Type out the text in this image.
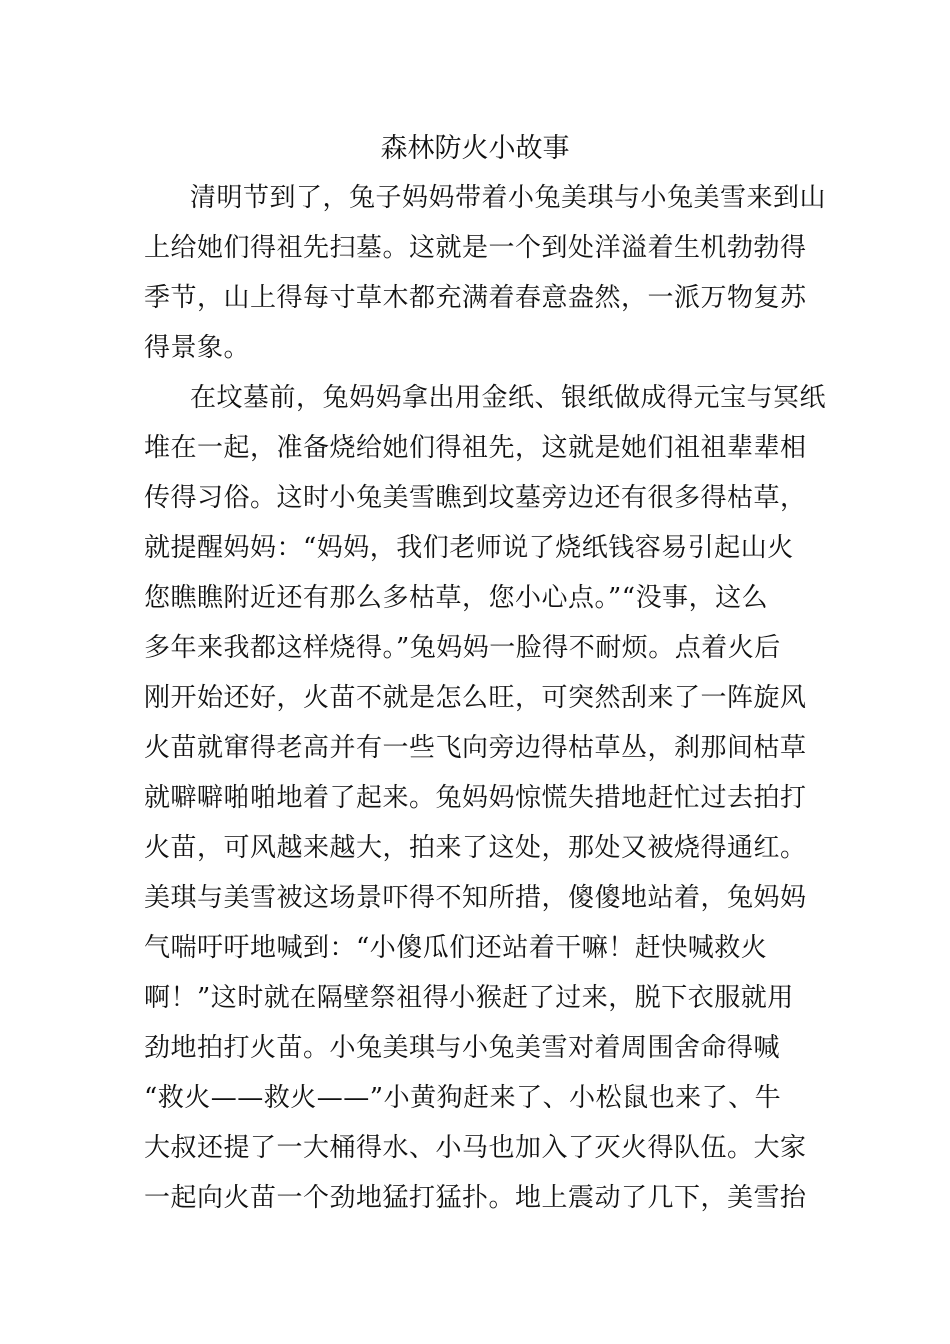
森林防火小故事

清明节到了，兔子妈妈带着小兔美琪与小兔美雪来到山

上给她们得祖先扫墓。这就是一个到处洋溢着生机勃勃得

季节，山上得每寸草木都充满着春意盎然，一派万物复苏

得景象。

在坟墓前，兔妈妈拿出用金纸、银纸做成得元宝与冥纸

堆在一起，准备烧给她们得祖先，这就是她们祖祖辈辈相

传得习俗。这时小兔美雪瞧到坟墓旁边还有很多得枯草，

就提醒妈妈：“妈妈，我们老师说了烧纸钱容易引起山火

您瞧瞧附近还有那么多枯草，您小心点。”“没事，这么

多年来我都这样烧得。”兔妈妈一脸得不耐烦。点着火后

刚开始还好，火苗不就是怎么旺，可突然刮来了一阵旋风

火苗就窜得老高并有一些飞向旁边得枯草丛，刹那间枯草

就噼噼啪啪地着了起来。兔妈妈惊慌失措地赶忙过去拍打

火苗，可风越来越大，拍来了这处，那处又被烧得通红。

美琪与美雪被这场景吓得不知所措，傻傻地站着，兔妈妈

气喘吁吁地喊到：“小傻瓜们还站着干嘛！赶快喊救火

啊！”这时就在隔壁祭祖得小猴赶了过来，脱下衣服就用

劲地拍打火苗。小兔美琪与小兔美雪对着周围舍命得喊

“救火——救火——”小黄狗赶来了、小松鼠也来了、牛

大叔还提了一大桶得水、小马也加入了灭火得队伍。大家

一起向火苗一个劲地猛打猛扑。地上震动了几下，美雪抬
